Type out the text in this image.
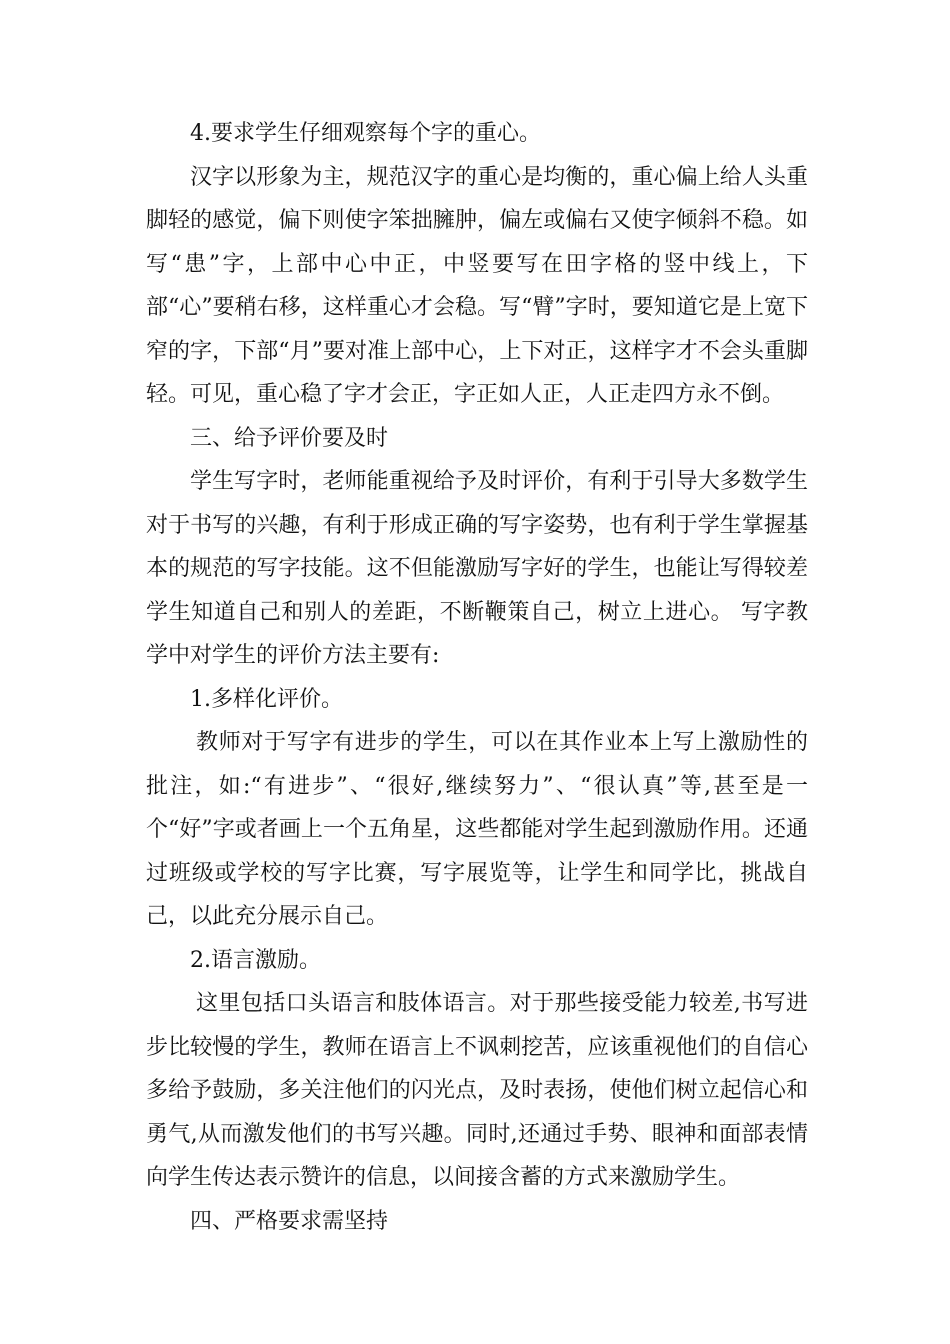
4.要求学生仔细观察每个字的重心。

汉字以形象为主，规范汉字的重心是均衡的，重心偏上给人头重脚轻的感觉，偏下则使字笨拙臃肿，偏左或偏右又使字倾斜不稳。如写“患”字，上部中心中正，中竖要写在田字格的竖中线上，下部“心”要稍右移，这样重心才会稳。写“臂”字时，要知道它是上宽下窄的字，下部“月”要对准上部中心，上下对正，这样字才不会头重脚轻。可见，重心稳了字才会正，字正如人正，人正走四方永不倒。

三、给予评价要及时

学生写字时，老师能重视给予及时评价，有利于引导大多数学生对于书写的兴趣，有利于形成正确的写字姿势，也有利于学生掌握基本的规范的写字技能。这不但能激励写字好的学生，也能让写得较差学生知道自己和别人的差距，不断鞭策自己，树立上进心。 写字教学中对学生的评价方法主要有:

1.多样化评价。

教师对于写字有进步的学生，可以在其作业本上写上激励性的批注，如:“有进步”、“很好,继续努力”、“很认真”等,甚至是一个“好”字或者画上一个五角星，这些都能对学生起到激励作用。还通过班级或学校的写字比赛，写字展览等，让学生和同学比，挑战自己，以此充分展示自己。

2.语言激励。

这里包括口头语言和肢体语言。对于那些接受能力较差,书写进步比较慢的学生，教师在语言上不讽刺挖苦，应该重视他们的自信心多给予鼓励，多关注他们的闪光点，及时表扬，使他们树立起信心和勇气,从而激发他们的书写兴趣。同时,还通过手势、眼神和面部表情向学生传达表示赞许的信息，以间接含蓄的方式来激励学生。

四、严格要求需坚持
